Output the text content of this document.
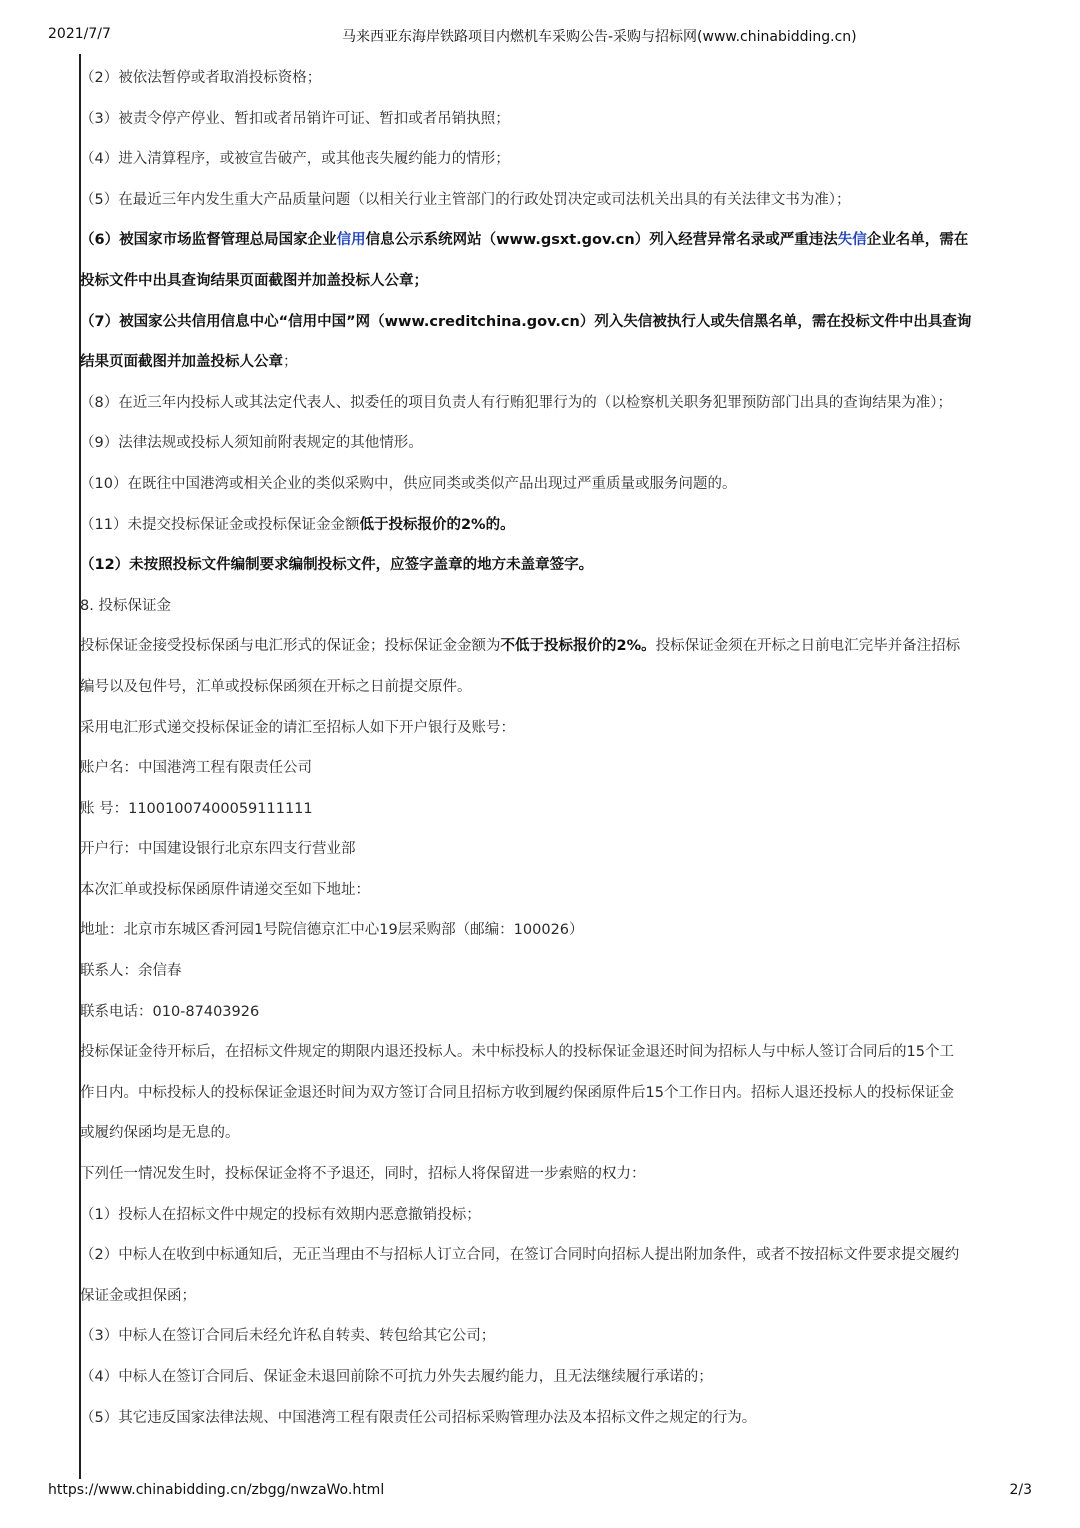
2021/7/7	马来西亚东海岸铁路项目内燃机车采购公告-采购与招标网(www.chinabidding.cn)
（2）被依法暂停或者取消投标资格；
（3）被责令停产停业、暂扣或者吊销许可证、暂扣或者吊销执照；
（4）进入清算程序，或被宣告破产，或其他丧失履约能力的情形；
（5）在最近三年内发生重大产品质量问题（以相关行业主管部门的行政处罚决定或司法机关出具的有关法律文书为准）；
（6）被国家市场监督管理总局国家企业信用信息公示系统网站（www.gsxt.gov.cn）列入经营异常名录或严重违法失信企业名单，需在
投标文件中出具查询结果页面截图并加盖投标人公章；
（7）被国家公共信用信息中心“信用中国”网（www.creditchina.gov.cn）列入失信被执行人或失信黑名单，需在投标文件中出具查询
结果页面截图并加盖投标人公章；
（8）在近三年内投标人或其法定代表人、拟委任的项目负责人有行贿犯罪行为的（以检察机关职务犯罪预防部门出具的查询结果为准）；
（9）法律法规或投标人须知前附表规定的其他情形。
（10）在既往中国港湾或相关企业的类似采购中，供应同类或类似产品出现过严重质量或服务问题的。
（11）未提交投标保证金或投标保证金金额低于投标报价的2%的。
（12）未按照投标文件编制要求编制投标文件，应签字盖章的地方未盖章签字。
8. 投标保证金
投标保证金接受投标保函与电汇形式的保证金；投标保证金金额为不低于投标报价的2%。投标保证金须在开标之日前电汇完毕并备注招标
编号以及包件号，汇单或投标保函须在开标之日前提交原件。
采用电汇形式递交投标保证金的请汇至招标人如下开户银行及账号：
账户名：中国港湾工程有限责任公司
账 号：11001007400059111111
开户行：中国建设银行北京东四支行营业部
本次汇单或投标保函原件请递交至如下地址：
地址：北京市东城区香河园1号院信德京汇中心19层采购部（邮编：100026）
联系人：余信春
联系电话：010-87403926
投标保证金待开标后，在招标文件规定的期限内退还投标人。未中标投标人的投标保证金退还时间为招标人与中标人签订合同后的15个工
作日内。中标投标人的投标保证金退还时间为双方签订合同且招标方收到履约保函原件后15个工作日内。招标人退还投标人的投标保证金
或履约保函均是无息的。
下列任一情况发生时，投标保证金将不予退还，同时，招标人将保留进一步索赔的权力：
（1）投标人在招标文件中规定的投标有效期内恶意撤销投标；
（2）中标人在收到中标通知后，无正当理由不与招标人订立合同，在签订合同时向招标人提出附加条件，或者不按招标文件要求提交履约
保证金或担保函；
（3）中标人在签订合同后未经允许私自转卖、转包给其它公司；
（4）中标人在签订合同后、保证金未退回前除不可抗力外失去履约能力，且无法继续履行承诺的；
（5）其它违反国家法律法规、中国港湾工程有限责任公司招标采购管理办法及本招标文件之规定的行为。
https://www.chinabidding.cn/zbgg/nwzaWo.html	2/3
